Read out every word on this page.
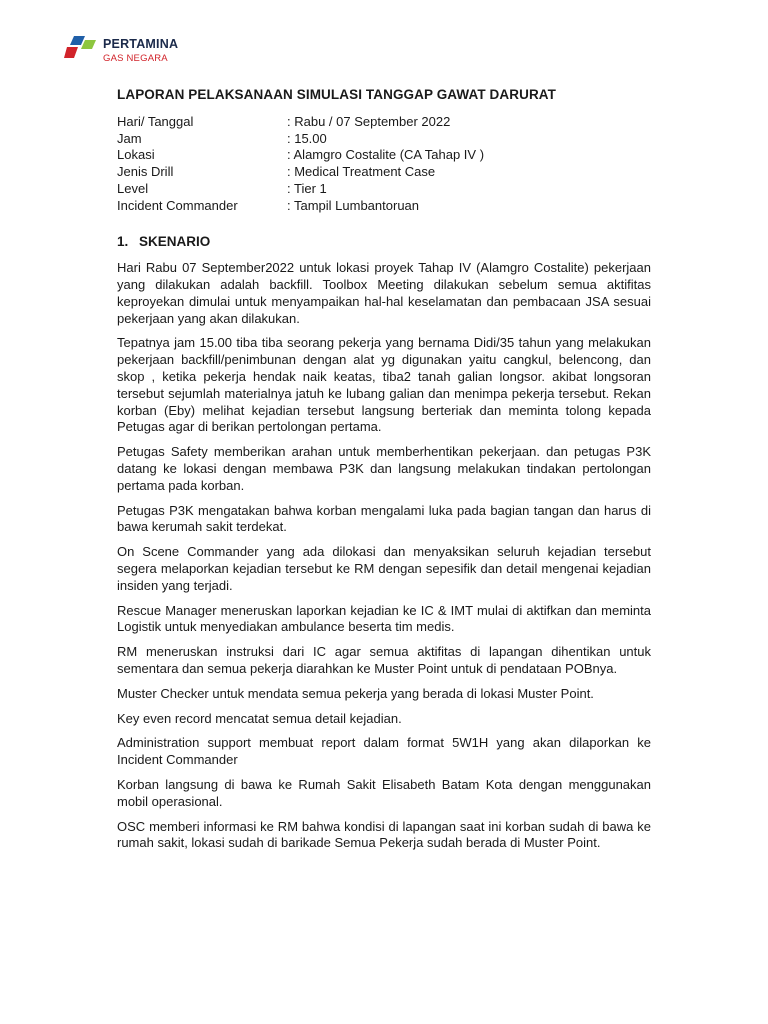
PERTAMINA
GAS NEGARA
LAPORAN PELAKSANAAN SIMULASI TANGGAP GAWAT DARURAT
Hari/ Tanggal	: Rabu / 07 September 2022
Jam	: 15.00
Lokasi	: Alamgro Costalite (CA Tahap IV )
Jenis Drill	: Medical Treatment Case
Level	: Tier 1
Incident Commander	: Tampil Lumbantoruan
1. SKENARIO

Hari Rabu 07 September2022 untuk lokasi proyek Tahap IV (Alamgro Costalite) pekerjaan yang dilakukan adalah backfill. Toolbox Meeting dilakukan sebelum semua aktifitas keproyekan dimulai untuk menyampaikan hal-hal keselamatan dan pembacaan JSA sesuai pekerjaan yang akan dilakukan.

Tepatnya jam 15.00 tiba tiba seorang pekerja yang bernama Didi/35 tahun yang melakukan pekerjaan backfill/penimbunan dengan alat yg digunakan yaitu cangkul, belencong, dan skop , ketika pekerja hendak naik keatas, tiba2 tanah galian longsor. akibat longsoran tersebut sejumlah materialnya jatuh ke lubang galian dan menimpa pekerja tersebut. Rekan korban (Eby) melihat kejadian tersebut langsung berteriak dan meminta tolong kepada Petugas agar di berikan pertolongan pertama.

Petugas Safety memberikan arahan untuk memberhentikan pekerjaan. dan petugas P3K datang ke lokasi dengan membawa P3K dan langsung melakukan tindakan pertolongan pertama pada korban.

Petugas P3K mengatakan bahwa korban mengalami luka pada bagian tangan dan harus di bawa kerumah sakit terdekat.

On Scene Commander yang ada dilokasi dan menyaksikan seluruh kejadian tersebut segera melaporkan kejadian tersebut ke RM dengan sepesifik dan detail mengenai kejadian insiden yang terjadi.

Rescue Manager meneruskan laporkan kejadian ke IC & IMT mulai di aktifkan dan meminta Logistik untuk menyediakan ambulance beserta tim medis.

RM meneruskan instruksi dari IC agar semua aktifitas di lapangan dihentikan untuk sementara dan semua pekerja diarahkan ke Muster Point untuk di pendataan POBnya.

Muster Checker untuk mendata semua pekerja yang berada di lokasi Muster Point.

Key even record mencatat semua detail kejadian.

Administration support membuat report dalam format 5W1H yang akan dilaporkan ke Incident Commander

Korban langsung di bawa ke Rumah Sakit Elisabeth Batam Kota dengan menggunakan mobil operasional.

OSC memberi informasi ke RM bahwa kondisi di lapangan saat ini korban sudah di bawa ke rumah sakit, lokasi sudah di barikade Semua Pekerja sudah berada di Muster Point.
